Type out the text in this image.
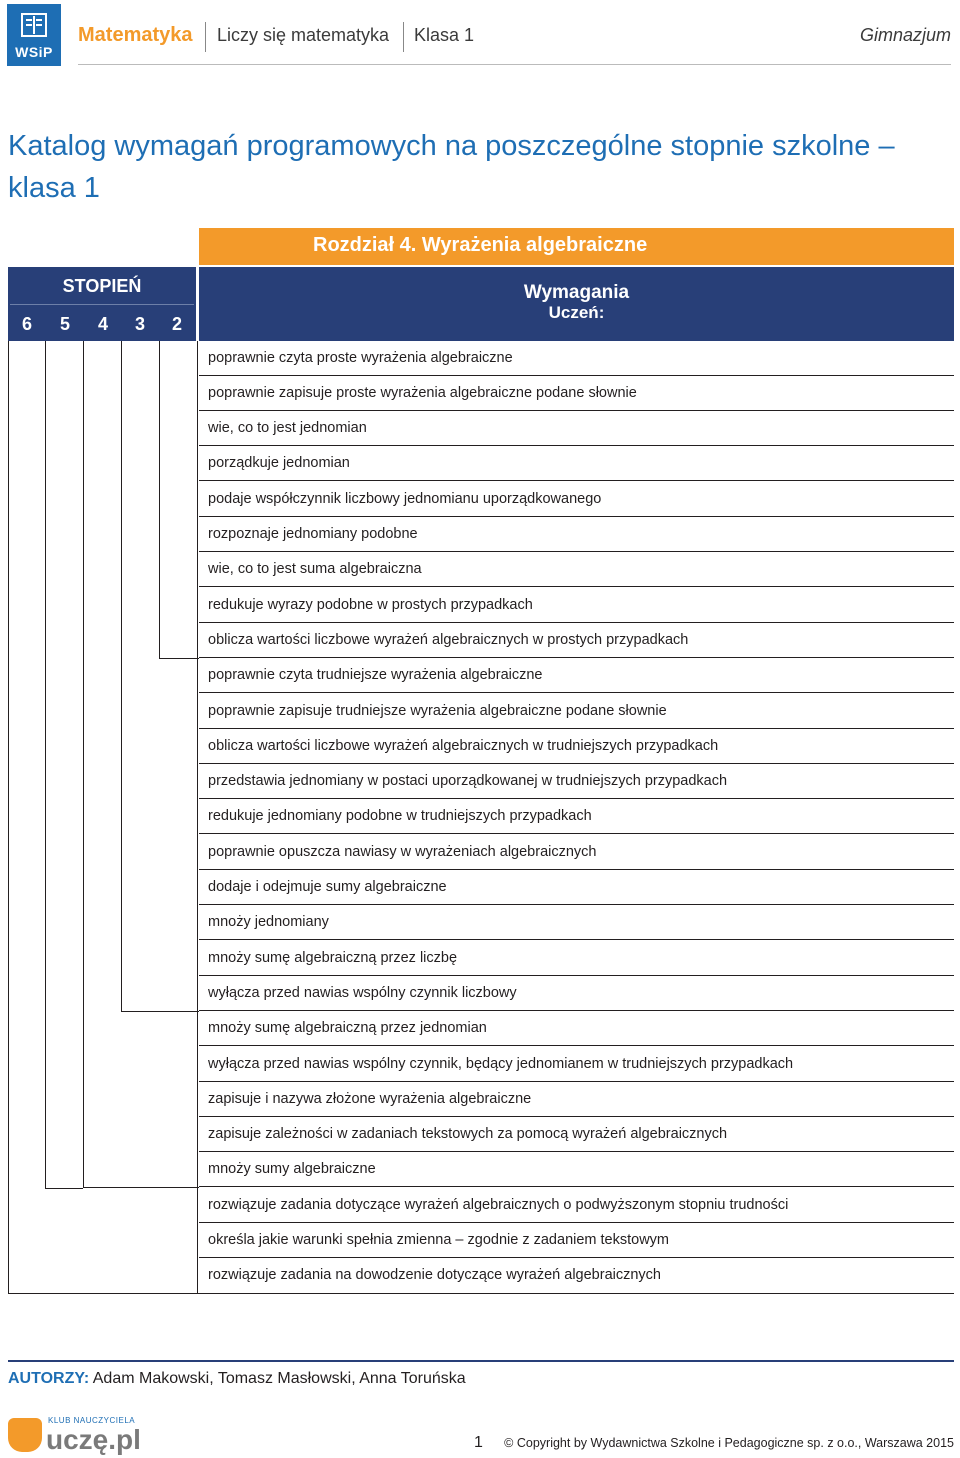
WSiP
Matematyka Liczy się matematyka Klasa 1	Gimnazjum
Katalog wymagań programowych na poszczególne stopnie szkolne – klasa 1
Rozdział 4. Wyrażenia algebraiczne
STOPIEŃ
6 5 4 3 2
Wymagania
Uczeń:
poprawnie czyta proste wyrażenia algebraiczne
poprawnie zapisuje proste wyrażenia algebraiczne podane słownie
wie, co to jest jednomian
porządkuje jednomian
podaje współczynnik liczbowy jednomianu uporządkowanego
rozpoznaje jednomiany podobne
wie, co to jest suma algebraiczna
redukuje wyrazy podobne w prostych przypadkach
oblicza wartości liczbowe wyrażeń algebraicznych w prostych przypadkach
poprawnie czyta trudniejsze wyrażenia algebraiczne
poprawnie zapisuje trudniejsze wyrażenia algebraiczne podane słownie
oblicza wartości liczbowe wyrażeń algebraicznych w trudniejszych przypadkach
przedstawia jednomiany w postaci uporządkowanej w trudniejszych przypadkach
redukuje jednomiany podobne w trudniejszych przypadkach
poprawnie opuszcza nawiasy w wyrażeniach algebraicznych
dodaje i odejmuje sumy algebraiczne
mnoży jednomiany
mnoży sumę algebraiczną przez liczbę
wyłącza przed nawias wspólny czynnik liczbowy
mnoży sumę algebraiczną przez jednomian
wyłącza przed nawias wspólny czynnik, będący jednomianem w trudniejszych przypadkach
zapisuje i nazywa złożone wyrażenia algebraiczne
zapisuje zależności w zadaniach tekstowych za pomocą wyrażeń algebraicznych
mnoży sumy algebraiczne
rozwiązuje zadania dotyczące wyrażeń algebraicznych o podwyższonym stopniu trudności
określa jakie warunki spełnia zmienna – zgodnie z zadaniem tekstowym
rozwiązuje zadania na dowodzenie dotyczące wyrażeń algebraicznych
AUTORZY: Adam Makowski, Tomasz Masłowski, Anna Toruńska
KLUB NAUCZYCIELA
uczę.pl	1 © Copyright by Wydawnictwa Szkolne i Pedagogiczne sp. z o.o., Warszawa 2015
